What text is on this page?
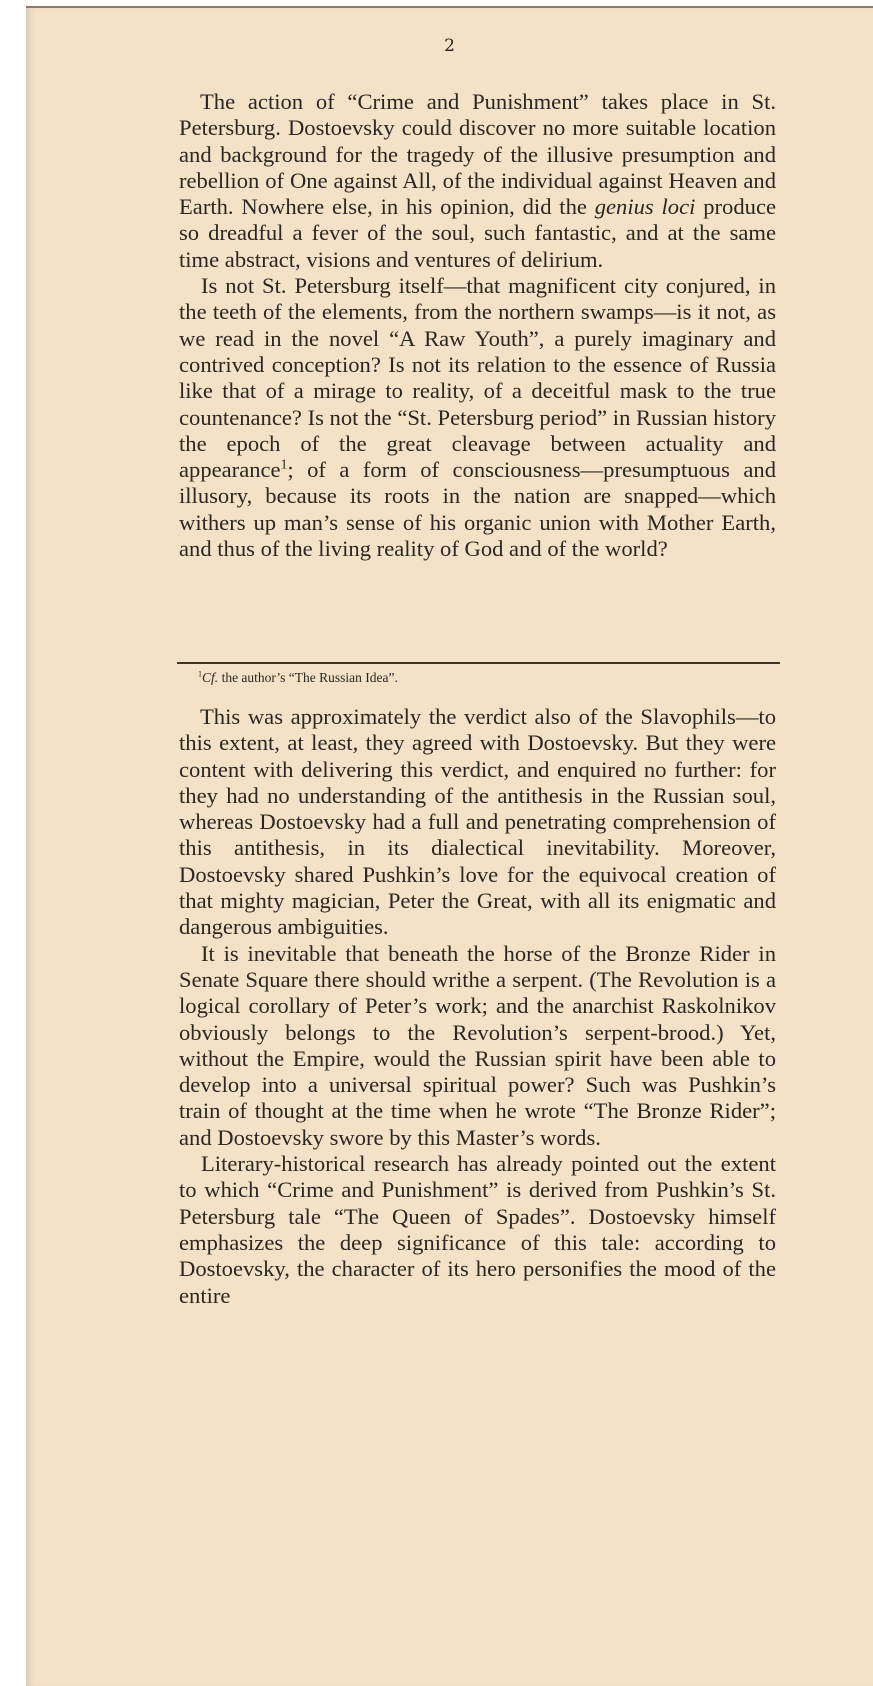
2

The action of “Crime and Punishment” takes place in St. Petersburg. Dostoevsky could discover no more suitable location and background for the tragedy of the illusive presumption and rebellion of One against All, of the individual against Heaven and Earth. Nowhere else, in his opinion, did the genius loci produce so dreadful a fever of the soul, such fantastic, and at the same time abstract, visions and ventures of delirium.

Is not St. Petersburg itself—that magnificent city conjured, in the teeth of the elements, from the northern swamps—is it not, as we read in the novel “A Raw Youth”, a purely imaginary and contrived conception? Is not its relation to the essence of Russia like that of a mirage to reality, of a deceitful mask to the true countenance? Is not the “St. Petersburg period” in Russian history the epoch of the great cleavage between actuality and appearance$^1$; of a form of consciousness—presumptuous and illusory, because its roots in the nation are snapped—which withers up man’s sense of his organic union with Mother Earth, and thus of the living reality of God and of the world?

$^1$Cf. the author’s “The Russian Idea”.

This was approximately the verdict also of the Slavophils—to this extent, at least, they agreed with Dostoevsky. But they were content with delivering this verdict, and enquired no further: for they had no understanding of the antithesis in the Russian soul, whereas Dostoevsky had a full and penetrating comprehension of this antithesis, in its dialectical inevitability. Moreover, Dostoevsky shared Pushkin’s love for the equivocal creation of that mighty magician, Peter the Great, with all its enigmatic and dangerous ambiguities.

It is inevitable that beneath the horse of the Bronze Rider in Senate Square there should writhe a serpent. (The Revolution is a logical corollary of Peter’s work; and the anarchist Raskolnikov obviously belongs to the Revolution’s serpent-brood.) Yet, without the Empire, would the Russian spirit have been able to develop into a universal spiritual power? Such was Pushkin’s train of thought at the time when he wrote “The Bronze Rider”; and Dostoevsky swore by this Master’s words.

Literary-historical research has already pointed out the extent to which “Crime and Punishment” is derived from Pushkin’s St. Petersburg tale “The Queen of Spades”. Dostoevsky himself emphasizes the deep significance of this tale: according to Dostoevsky, the character of its hero personifies the mood of the entire
